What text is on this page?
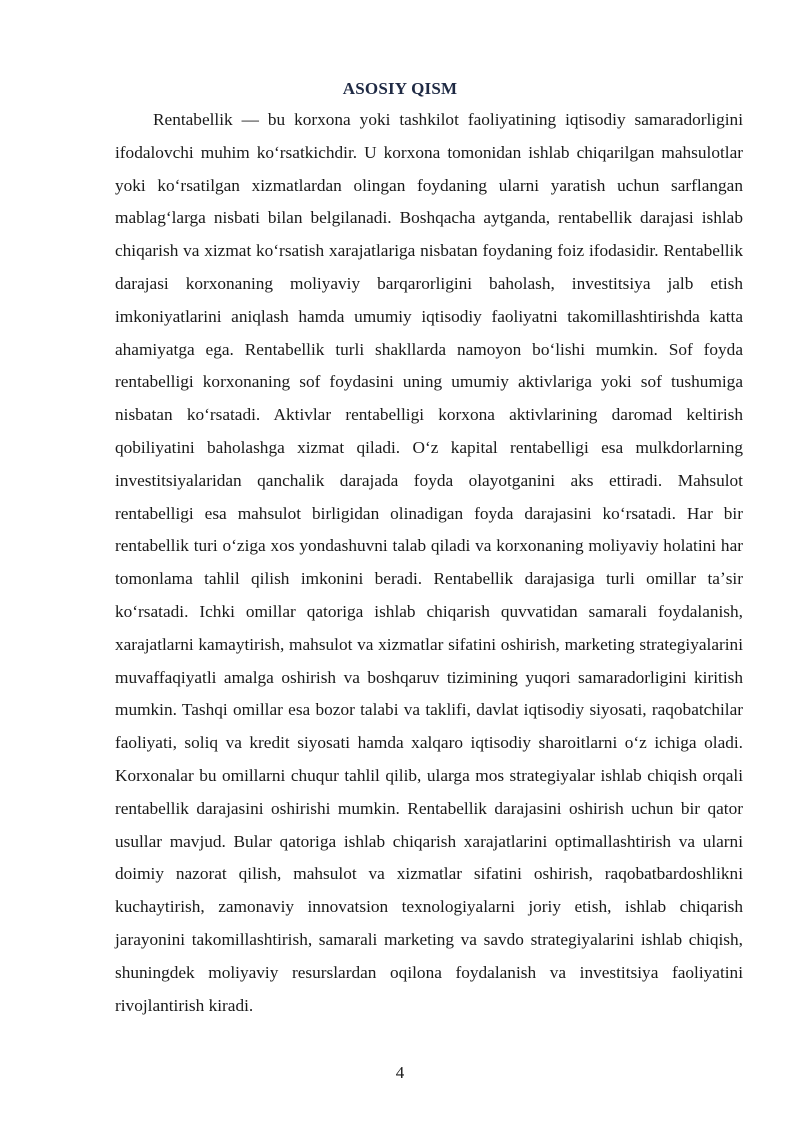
ASOSIY QISM

Rentabellik — bu korxona yoki tashkilot faoliyatining iqtisodiy samaradorligini ifodalovchi muhim koʻrsatkichdir. U korxona tomonidan ishlab chiqarilgan mahsulotlar yoki koʻrsatilgan xizmatlardan olingan foydaning ularni yaratish uchun sarflangan mablagʻlarga nisbati bilan belgilanadi. Boshqacha aytganda, rentabellik darajasi ishlab chiqarish va xizmat koʻrsatish xarajatlariga nisbatan foydaning foiz ifodasidir. Rentabellik darajasi korxonaning moliyaviy barqarorligini baholash, investitsiya jalb etish imkoniyatlarini aniqlash hamda umumiy iqtisodiy faoliyatni takomillashtirishda katta ahamiyatga ega. Rentabellik turli shakllarda namoyon boʻlishi mumkin. Sof foyda rentabelligi korxonaning sof foydasini uning umumiy aktivlariga yoki sof tushumiga nisbatan koʻrsatadi. Aktivlar rentabelligi korxona aktivlarining daromad keltirish qobiliyatini baholashga xizmat qiladi. Oʻz kapital rentabelligi esa mulkdorlarning investitsiyalaridan qanchalik darajada foyda olayotganini aks ettiradi. Mahsulot rentabelligi esa mahsulot birligidan olinadigan foyda darajasini koʻrsatadi. Har bir rentabellik turi oʻziga xos yondashuvni talab qiladi va korxonaning moliyaviy holatini har tomonlama tahlil qilish imkonini beradi. Rentabellik darajasiga turli omillar taʼsir koʻrsatadi. Ichki omillar qatoriga ishlab chiqarish quvvatidan samarali foydalanish, xarajatlarni kamaytirish, mahsulot va xizmatlar sifatini oshirish, marketing strategiyalarini muvaffaqiyatli amalga oshirish va boshqaruv tizimining yuqori samaradorligini kiritish mumkin. Tashqi omillar esa bozor talabi va taklifi, davlat iqtisodiy siyosati, raqobatchilar faoliyati, soliq va kredit siyosati hamda xalqaro iqtisodiy sharoitlarni oʻz ichiga oladi. Korxonalar bu omillarni chuqur tahlil qilib, ularga mos strategiyalar ishlab chiqish orqali rentabellik darajasini oshirishi mumkin. Rentabellik darajasini oshirish uchun bir qator usullar mavjud. Bular qatoriga ishlab chiqarish xarajatlarini optimallashtirish va ularni doimiy nazorat qilish, mahsulot va xizmatlar sifatini oshirish, raqobatbardoshlikni kuchaytirish, zamonaviy innovatsion texnologiyalarni joriy etish, ishlab chiqarish jarayonini takomillashtirish, samarali marketing va savdo strategiyalarini ishlab chiqish, shuningdek moliyaviy resurslardan oqilona foydalanish va investitsiya faoliyatini rivojlantirish kiradi.

4
